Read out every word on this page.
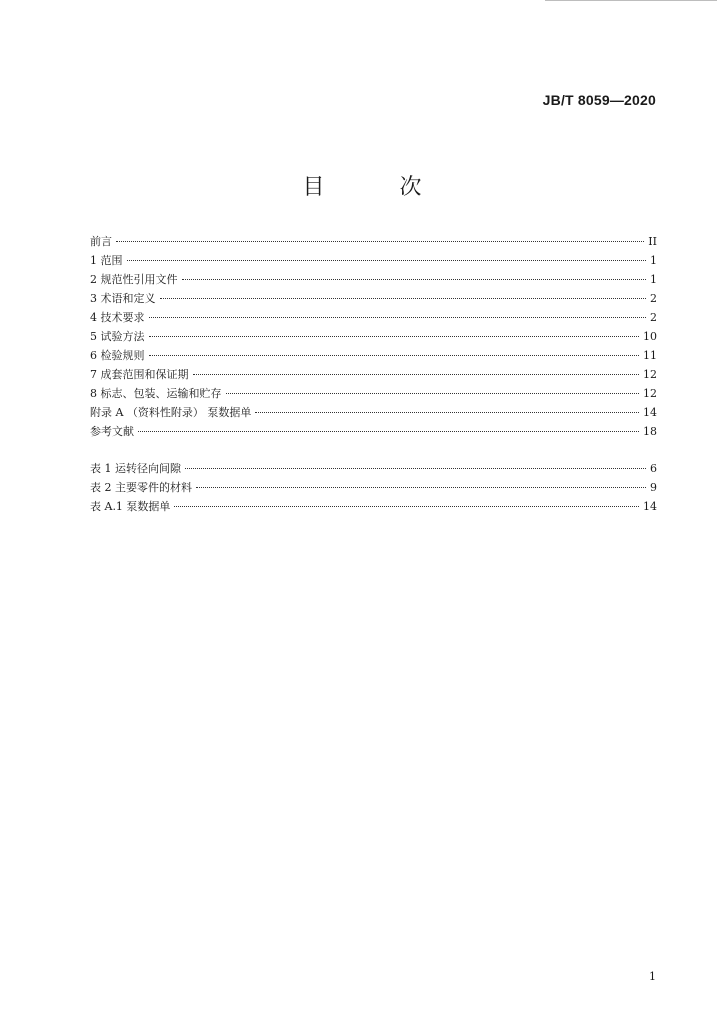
JB/T 8059—2020
目 次
前言	II
1 范围	1
2 规范性引用文件	1
3 术语和定义	2
4 技术要求	2
5 试验方法	10
6 检验规则	11
7 成套范围和保证期	12
8 标志、包装、运输和贮存	12
附录 A （资料性附录） 泵数据单	14
参考文献	18
表 1 运转径向间隙	6
表 2 主要零件的材料	9
表 A.1 泵数据单	14
1
